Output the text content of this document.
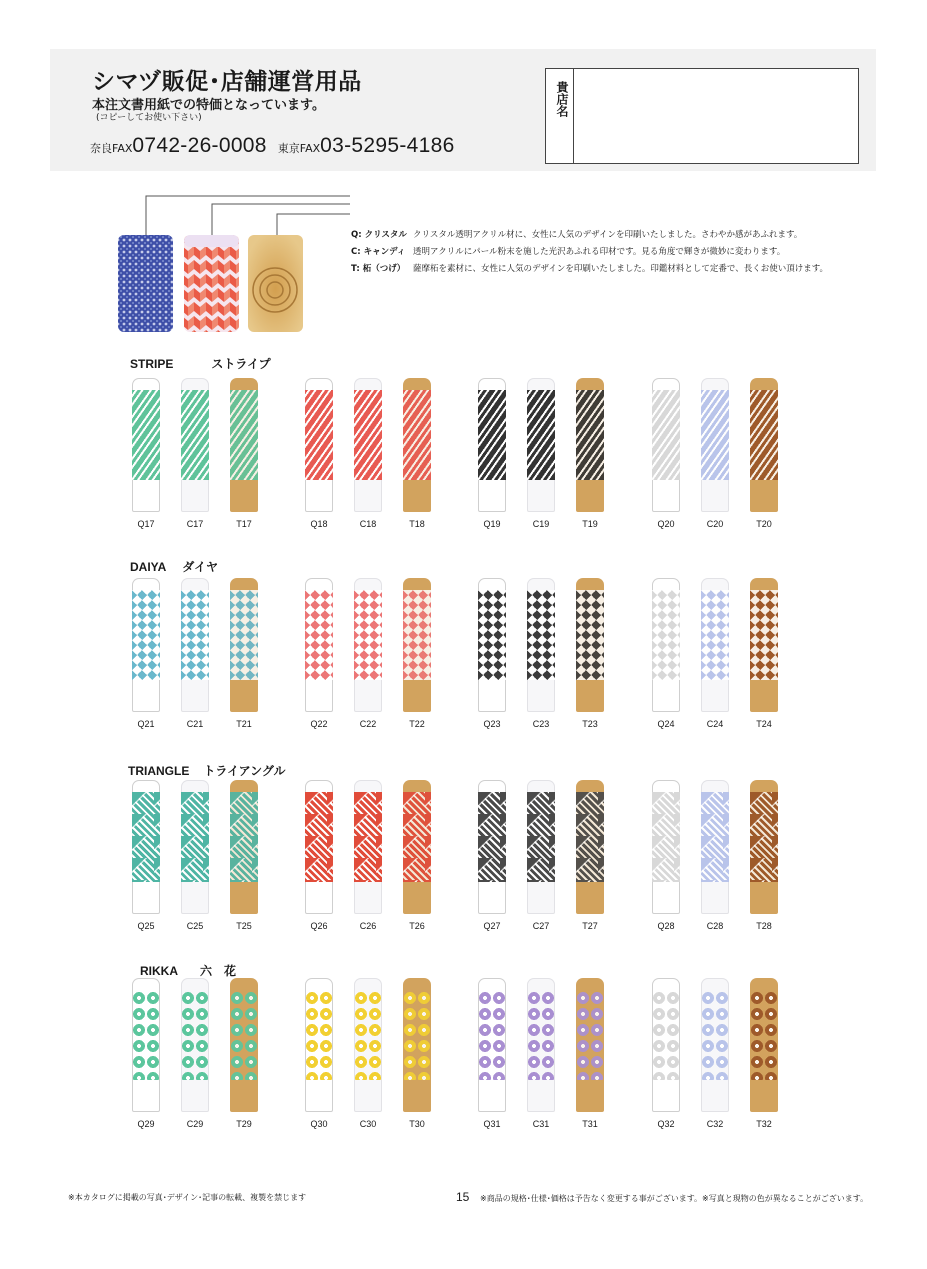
シマヅ販促･店舗運営用品
本注文書用紙での特価となっています。
(コピーしてお使い下さい)
奈良FAX0742-26-0008 東京FAX03-5295-4186
貴店名
Q: クリスタル クリスタル透明アクリル材に、女性に人気のデザインを印刷いたしました。さわやか感があふれます。
C: キャンディ 透明アクリルにパール粉末を施した光沢あふれる印材です。見る角度で輝きが微妙に変わります。
T: 柘（つげ） 薩摩柘を素材に、女性に人気のデザインを印刷いたしました。印鑑材料として定番で、長くお使い頂けます。
STRIPE	ストライプ
DAIYA ダイヤ
TRIANGLE トライアングル
RIKKA 六　花
Q17	C17	T17	Q18	C18	T18	Q19	C19	T19	Q20	C20	T20
Q21	C21	T21	Q22	C22	T22	Q23	C23	T23	Q24	C24	T24
Q25	C25	T25	Q26	C26	T26	Q27	C27	T27	Q28	C28	T28
Q29	C29	T29	Q30	C30	T30	Q31	C31	T31	Q32	C32	T32
※本カタログに掲載の写真･デザイン･記事の転載、複製を禁じます	15 ※商品の規格･仕様･価格は予告なく変更する事がございます。※写真と現物の色が異なることがございます。
